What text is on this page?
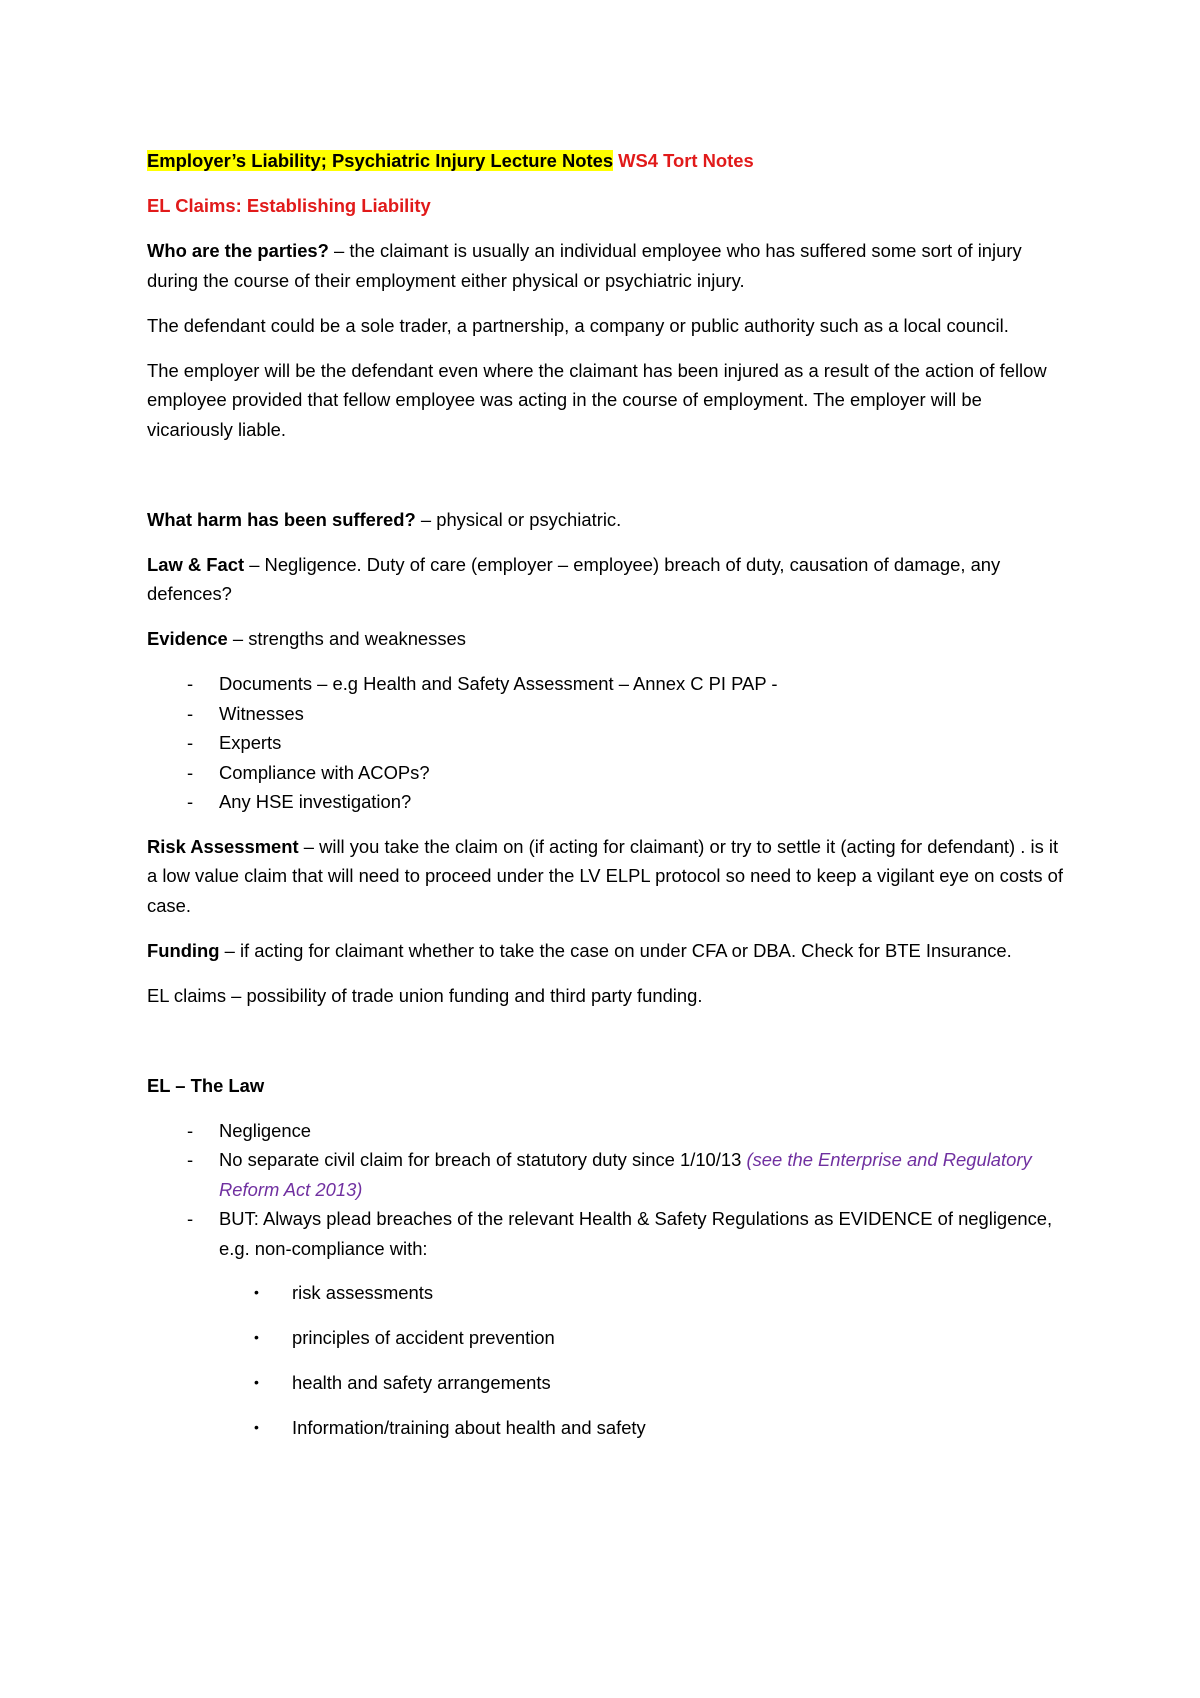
Employer’s Liability; Psychiatric Injury Lecture Notes WS4 Tort Notes

EL Claims: Establishing Liability

Who are the parties? – the claimant is usually an individual employee who has suffered some sort of injury during the course of their employment either physical or psychiatric injury.

The defendant could be a sole trader, a partnership, a company or public authority such as a local council.

The employer will be the defendant even where the claimant has been injured as a result of the action of fellow employee provided that fellow employee was acting in the course of employment. The employer will be vicariously liable.

What harm has been suffered? – physical or psychiatric.

Law & Fact – Negligence. Duty of care (employer – employee) breach of duty, causation of damage, any defences?

Evidence – strengths and weaknesses

- Documents – e.g Health and Safety Assessment – Annex C PI PAP -
- Witnesses
- Experts
- Compliance with ACOPs?
- Any HSE investigation?

Risk Assessment – will you take the claim on (if acting for claimant) or try to settle it (acting for defendant) . is it a low value claim that will need to proceed under the LV ELPL protocol so need to keep a vigilant eye on costs of case.

Funding – if acting for claimant whether to take the case on under CFA or DBA. Check for BTE Insurance.

EL claims – possibility of trade union funding and third party funding.

EL – The Law

- Negligence
- No separate civil claim for breach of statutory duty since 1/10/13 (see the Enterprise and Regulatory Reform Act 2013)
- BUT: Always plead breaches of the relevant Health & Safety Regulations as EVIDENCE of negligence, e.g. non-compliance with:
• risk assessments
• principles of accident prevention
• health and safety arrangements
• Information/training about health and safety
